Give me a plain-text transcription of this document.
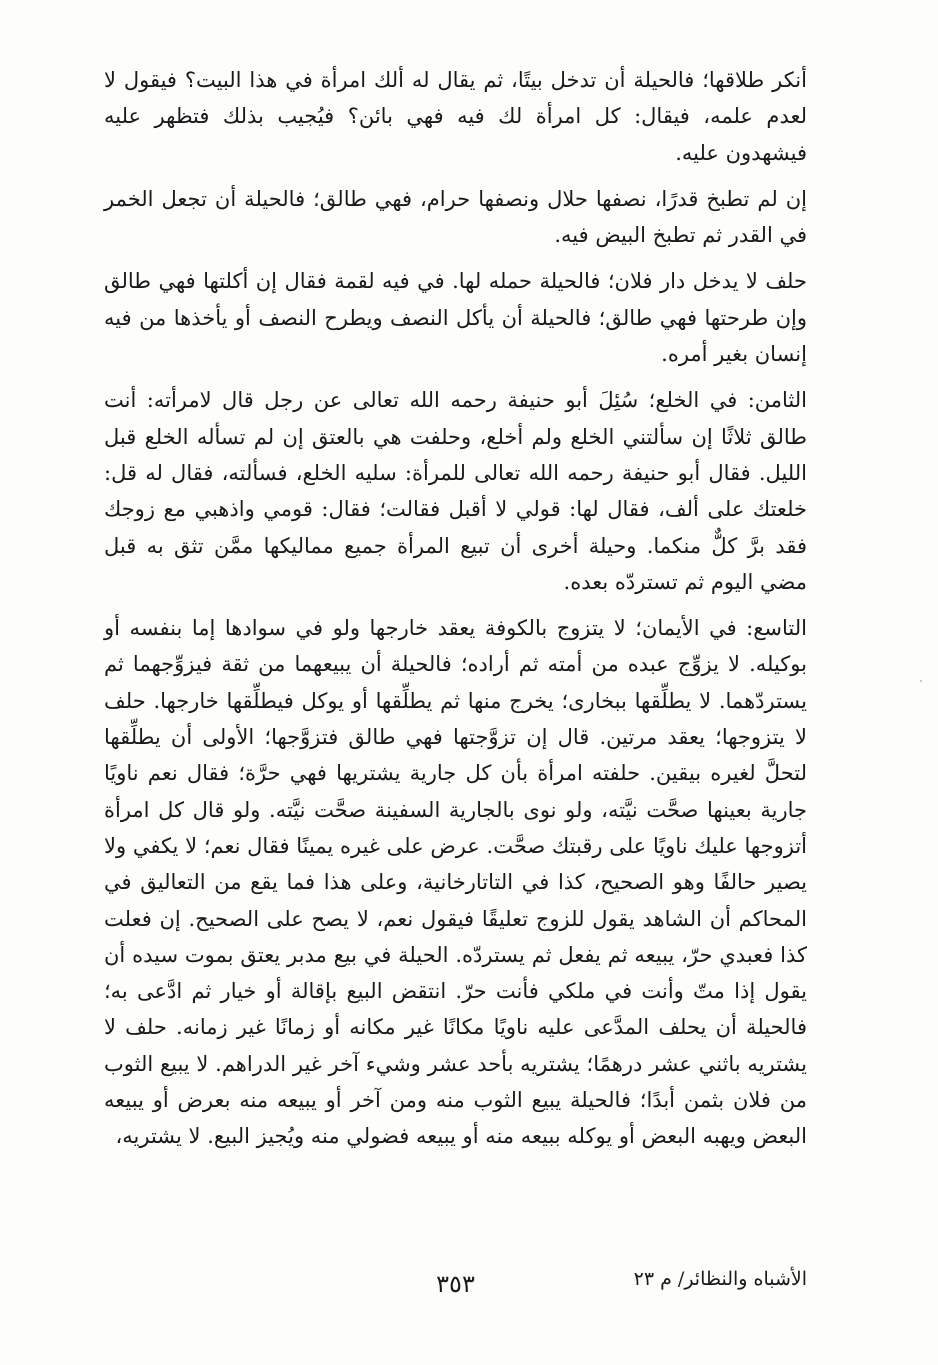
أنكر طلاقها؛ فالحيلة أن تدخل بيتًا، ثم يقال له ألك امرأة في هذا البيت؟ فيقول لا لعدم علمه، فيقال: كل امرأة لك فيه فهي بائن؟ فيُجيب بذلك فتظهر عليه فيشهدون عليه.

إن لم تطبخ قدرًا، نصفها حلال ونصفها حرام، فهي طالق؛ فالحيلة أن تجعل الخمر في القدر ثم تطبخ البيض فيه.

حلف لا يدخل دار فلان؛ فالحيلة حمله لها. في فيه لقمة فقال إن أكلتها فهي طالق وإن طرحتها فهي طالق؛ فالحيلة أن يأكل النصف ويطرح النصف أو يأخذها من فيه إنسان بغير أمره.

الثامن: في الخلع؛ سُئِلَ أبو حنيفة رحمه الله تعالى عن رجل قال لامرأته: أنت طالق ثلاثًا إن سألتني الخلع ولم أخلع، وحلفت هي بالعتق إن لم تسأله الخلع قبل الليل. فقال أبو حنيفة رحمه الله تعالى للمرأة: سليه الخلع، فسألته، فقال له قل: خلعتك على ألف، فقال لها: قولي لا أقبل فقالت؛ فقال: قومي واذهبي مع زوجك فقد برَّ كلٌّ منكما. وحيلة أخرى أن تبيع المرأة جميع مماليكها ممَّن تثق به قبل مضي اليوم ثم تستردّه بعده.

التاسع: في الأيمان؛ لا يتزوج بالكوفة يعقد خارجها ولو في سوادها إما بنفسه أو بوكيله. لا يزوِّج عبده من أمته ثم أراده؛ فالحيلة أن يبيعهما من ثقة فيزوِّجهما ثم يستردّهما. لا يطلِّقها ببخارى؛ يخرج منها ثم يطلِّقها أو يوكل فيطلِّقها خارجها. حلف لا يتزوجها؛ يعقد مرتين. قال إن تزوَّجتها فهي طالق فتزوَّجها؛ الأولى أن يطلِّقها لتحلَّ لغيره بيقين. حلفته امرأة بأن كل جارية يشتريها فهي حرَّة؛ فقال نعم ناويًا جارية بعينها صحَّت نيَّته، ولو نوى بالجارية السفينة صحَّت نيَّته. ولو قال كل امرأة أتزوجها عليك ناويًا على رقبتك صحَّت. عرض على غيره يمينًا فقال نعم؛ لا يكفي ولا يصير حالفًا وهو الصحيح، كذا في التاتارخانية، وعلى هذا فما يقع من التعاليق في المحاكم أن الشاهد يقول للزوج تعليقًا فيقول نعم، لا يصح على الصحيح. إن فعلت كذا فعبدي حرّ، يبيعه ثم يفعل ثم يستردّه. الحيلة في بيع مدبر يعتق بموت سيده أن يقول إذا متّ وأنت في ملكي فأنت حرّ. انتقض البيع بإقالة أو خيار ثم ادَّعى به؛ فالحيلة أن يحلف المدَّعى عليه ناويًا مكانًا غير مكانه أو زمانًا غير زمانه. حلف لا يشتريه باثني عشر درهمًا؛ يشتريه بأحد عشر وشيء آخر غير الدراهم. لا يبيع الثوب من فلان بثمن أبدًا؛ فالحيلة يبيع الثوب منه ومن آخر أو يبيعه منه بعرض أو يبيعه البعض ويهبه البعض أو يوكله ببيعه منه أو يبيعه فضولي منه ويُجيز البيع. لا يشتريه،

الأشباه والنظائر/ م ٢٣
٣٥٣
